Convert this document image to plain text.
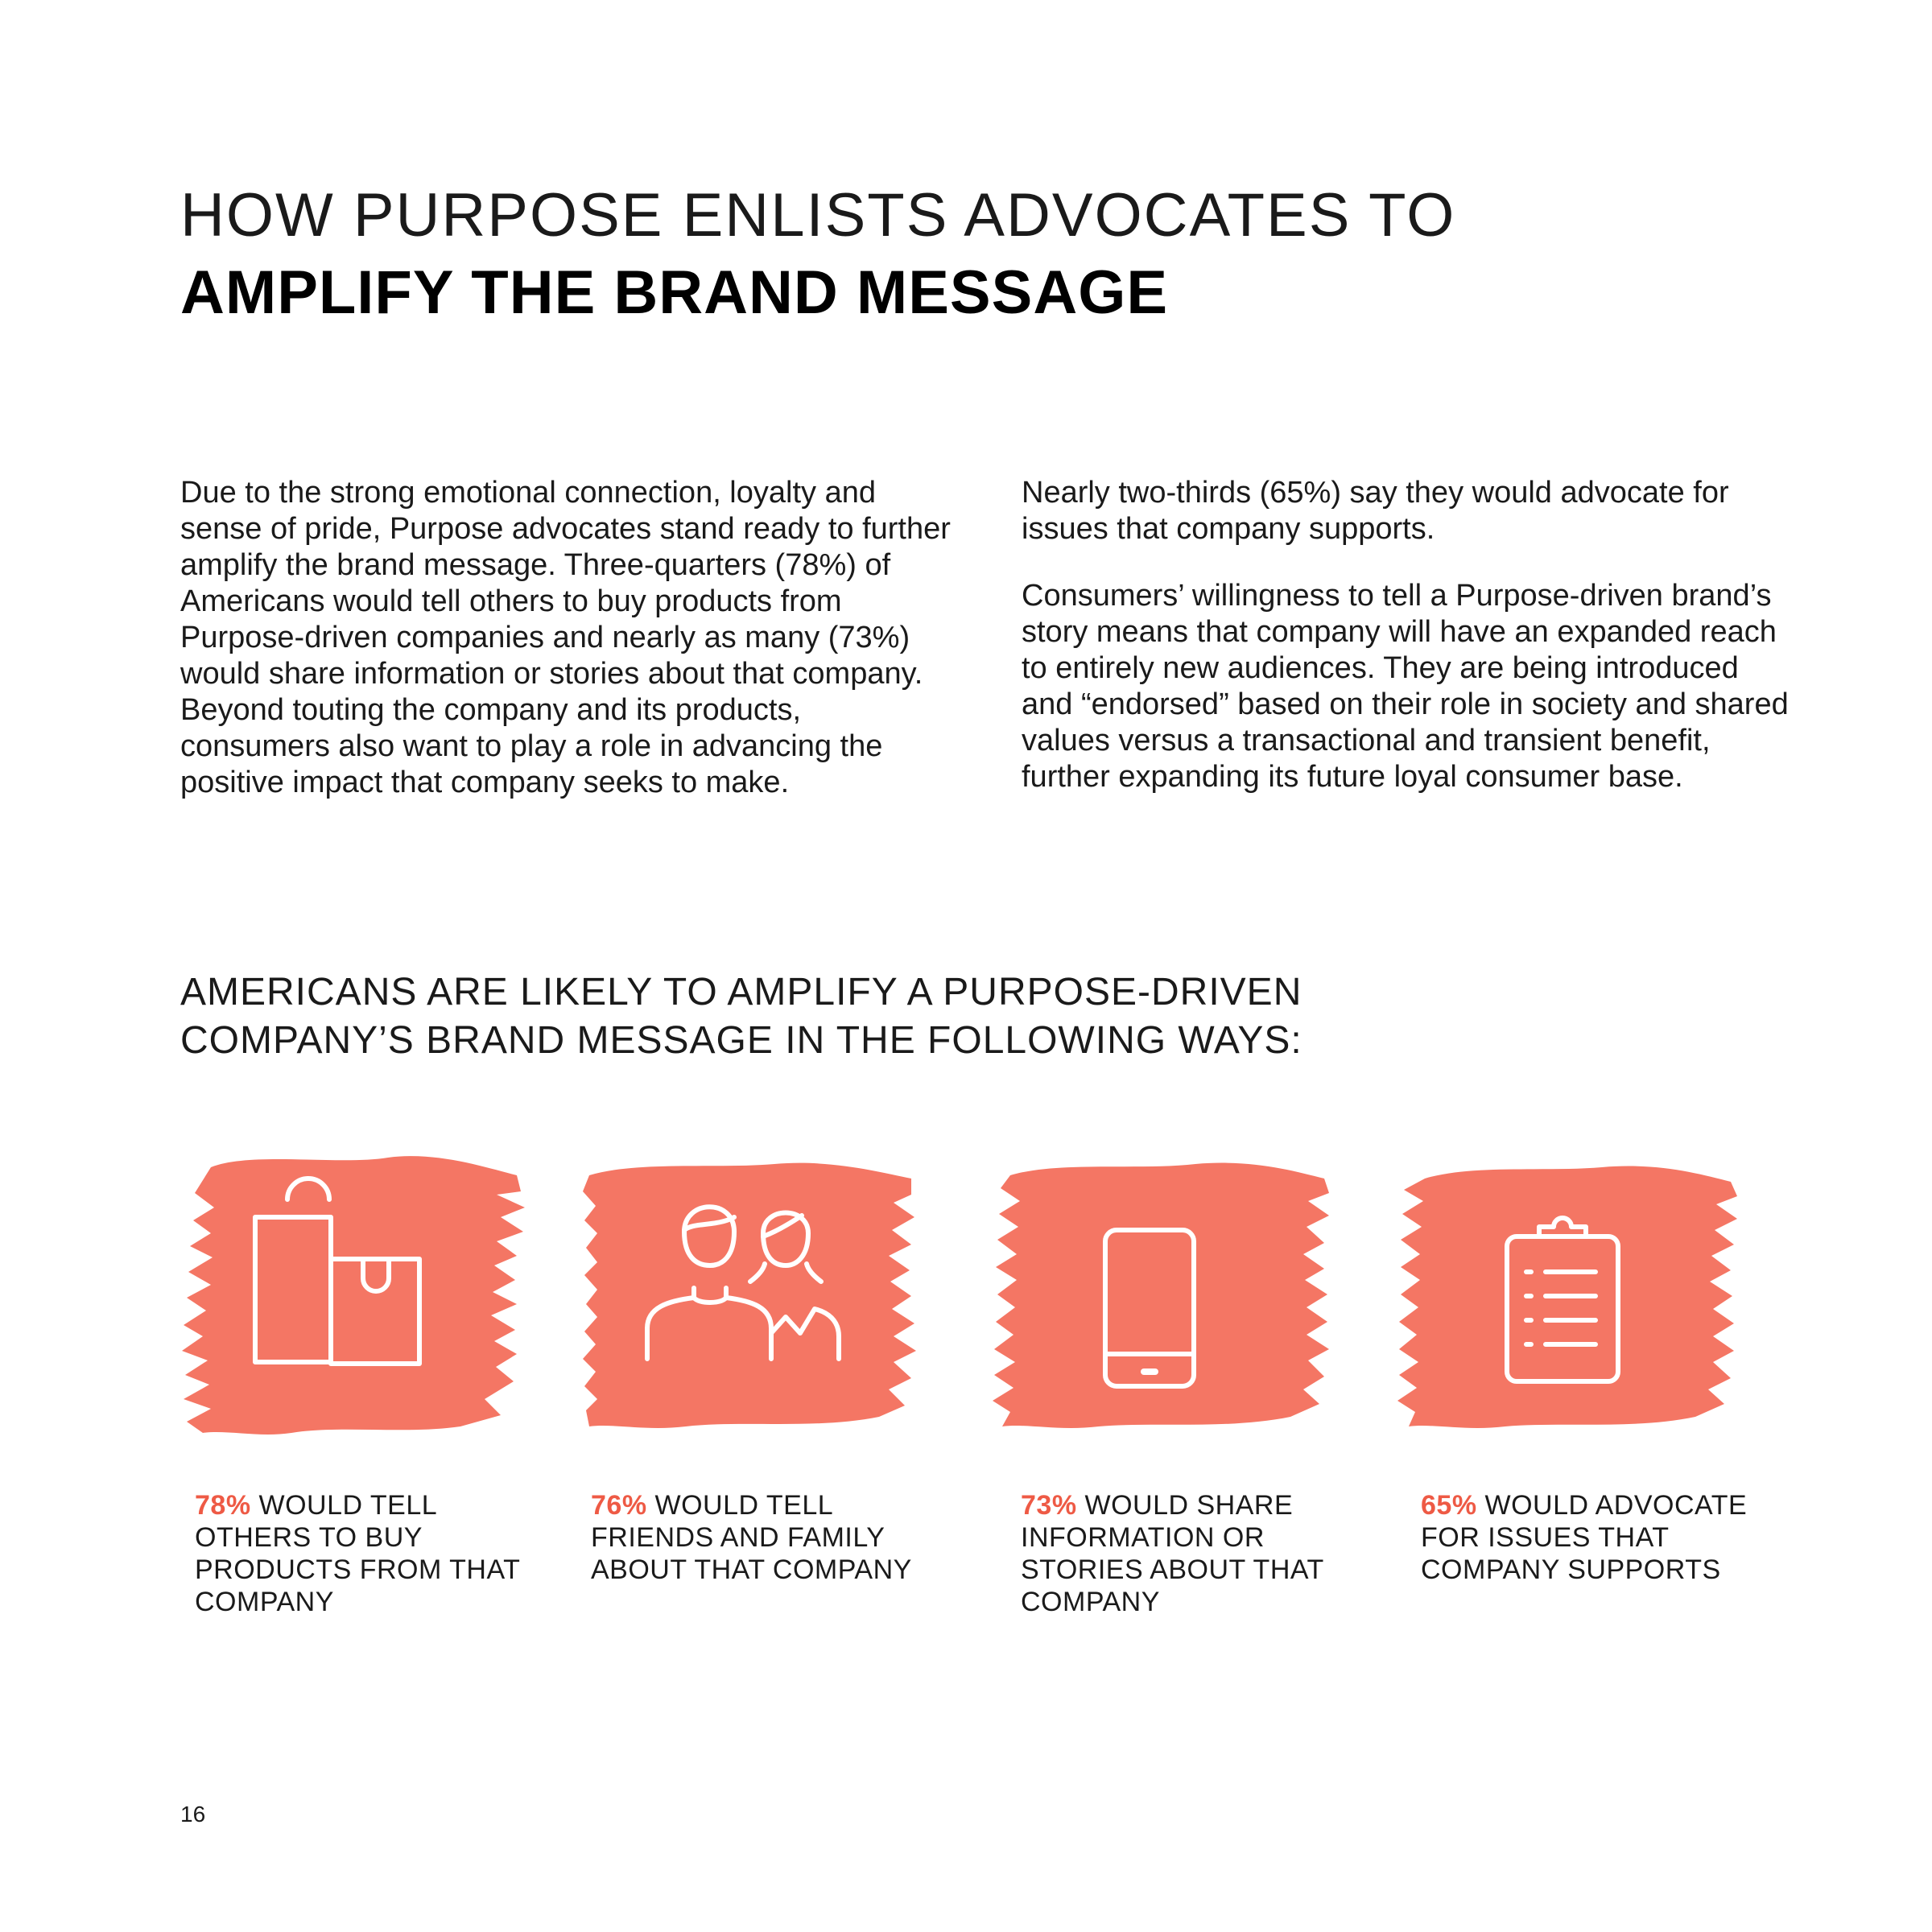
HOW PURPOSE ENLISTS ADVOCATES TO
AMPLIFY THE BRAND MESSAGE

Due to the strong emotional connection, loyalty and sense of pride, Purpose advocates stand ready to further amplify the brand message. Three-quarters (78%) of Americans would tell others to buy products from Purpose-driven companies and nearly as many (73%) would share information or stories about that company. Beyond touting the company and its products, consumers also want to play a role in advancing the positive impact that company seeks to make.

Nearly two-thirds (65%) say they would advocate for issues that company supports.

Consumers’ willingness to tell a Purpose-driven brand’s story means that company will have an expanded reach to entirely new audiences. They are being introduced and “endorsed” based on their role in society and shared values versus a transactional and transient benefit, further expanding its future loyal consumer base.

AMERICANS ARE LIKELY TO AMPLIFY A PURPOSE-DRIVEN
COMPANY’S BRAND MESSAGE IN THE FOLLOWING WAYS:
78% WOULD TELL OTHERS TO BUY PRODUCTS FROM THAT COMPANY
76% WOULD TELL FRIENDS AND FAMILY ABOUT THAT COMPANY
73% WOULD SHARE INFORMATION OR STORIES ABOUT THAT COMPANY
65% WOULD ADVOCATE FOR ISSUES THAT COMPANY SUPPORTS
16
